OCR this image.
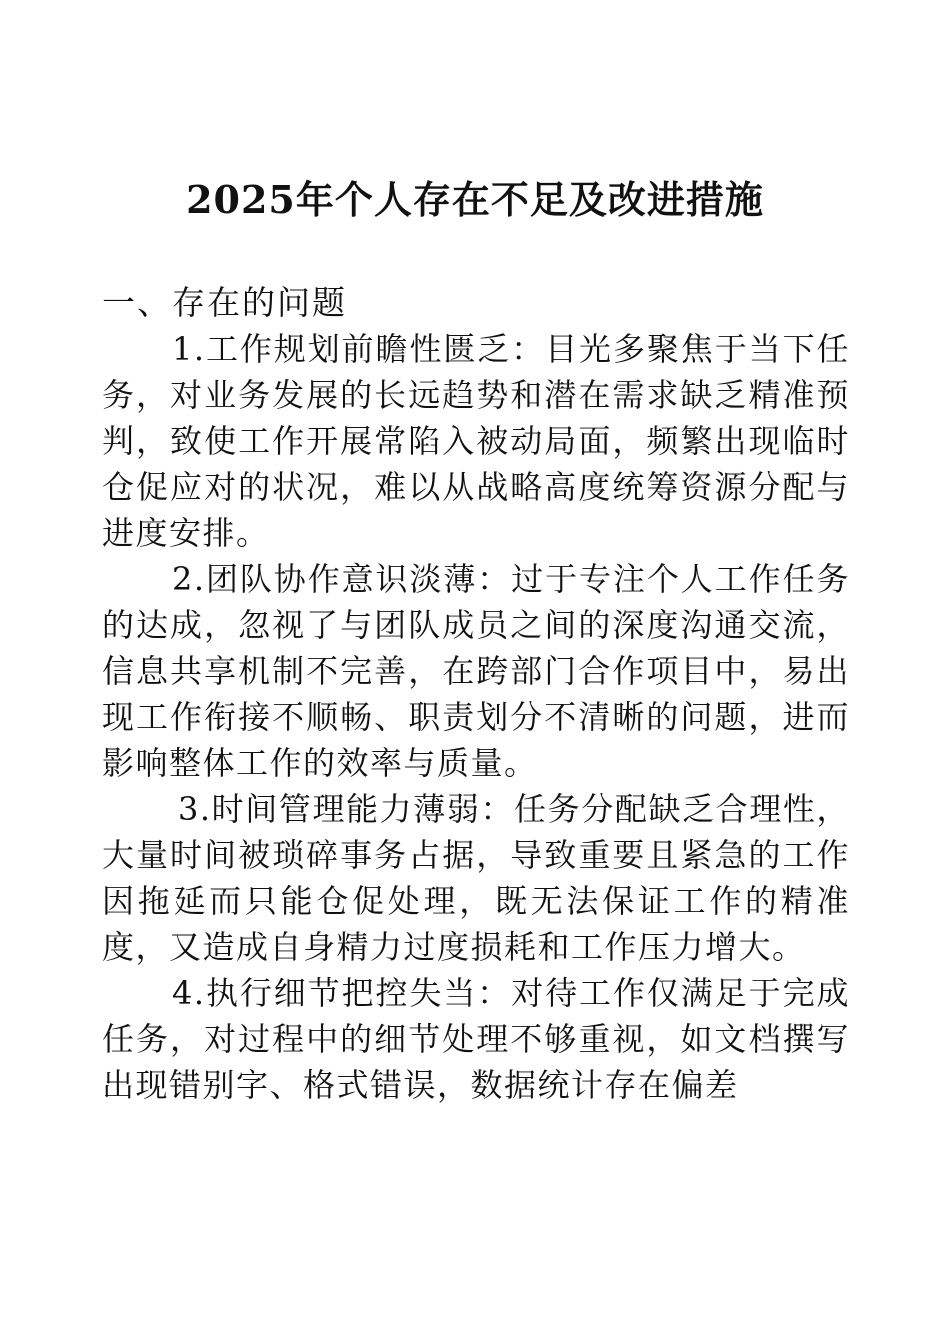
2025年个人存在不足及改进措施

一、存在的问题

1.工作规划前瞻性匮乏：目光多聚焦于当下任务，对业务发展的长远趋势和潜在需求缺乏精准预判，致使工作开展常陷入被动局面，频繁出现临时仓促应对的状况，难以从战略高度统筹资源分配与进度安排。

2.团队协作意识淡薄：过于专注个人工作任务的达成，忽视了与团队成员之间的深度沟通交流，信息共享机制不完善，在跨部门合作项目中，易出现工作衔接不顺畅、职责划分不清晰的问题，进而影响整体工作的效率与质量。

3.时间管理能力薄弱：任务分配缺乏合理性，大量时间被琐碎事务占据，导致重要且紧急的工作因拖延而只能仓促处理，既无法保证工作的精准度，又造成自身精力过度损耗和工作压力增大。

4.执行细节把控失当：对待工作仅满足于完成任务，对过程中的细节处理不够重视，如文档撰写出现错别字、格式错误，数据统计存在偏差
